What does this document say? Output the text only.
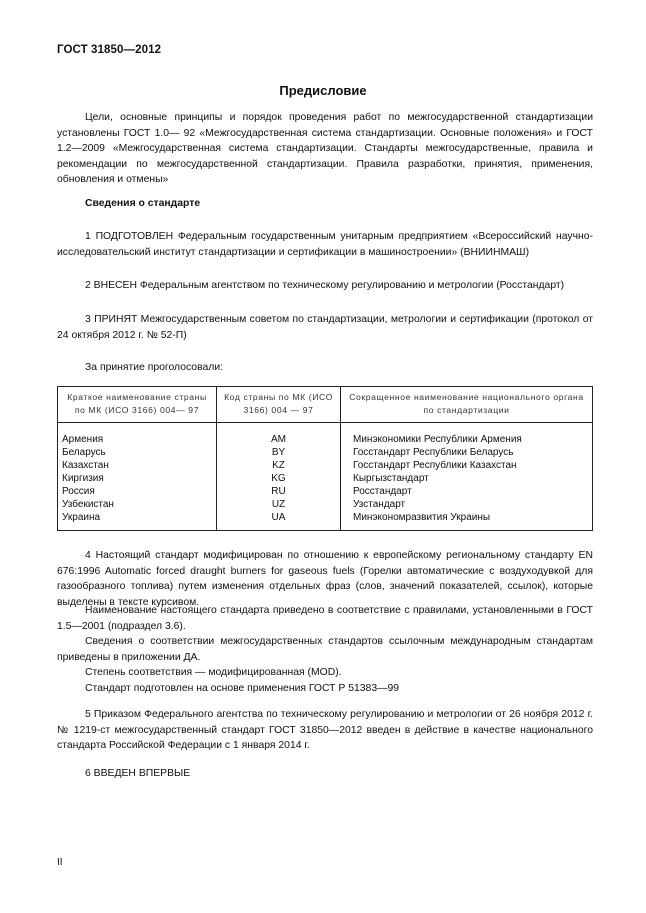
ГОСТ 31850—2012
Предисловие

Цели, основные принципы и порядок проведения работ по межгосударственной стандартизации установлены ГОСТ 1.0— 92 «Межгосударственная система стандартизации. Основные положения» и ГОСТ 1.2—2009 «Межгосударственная система стандартизации. Стандарты межгосударственные, правила и рекомендации по межгосударственной стандартизации. Правила разработки, принятия, применения, обновления и отмены»

Сведения о стандарте

1 ПОДГОТОВЛЕН Федеральным государственным унитарным предприятием «Всероссийский научно-исследовательский институт стандартизации и сертификации в машиностроении» (ВНИИНМАШ)

2 ВНЕСЕН Федеральным агентством по техническому регулированию и метрологии (Росстандарт)

3 ПРИНЯТ Межгосударственным советом по стандартизации, метрологии и сертификации (протокол от 24 октября 2012 г. № 52-П)

За принятие проголосовали:
Краткое наименование страны по МК (ИСО 3166) 004— 97	Код страны по МК (ИСО 3166) 004 — 97	Сокращенное наименование национального органа по стандартизации
Армения	AM	Минэкономики Республики Армения
Беларусь	BY	Госстандарт Республики Беларусь
Казахстан	KZ	Госстандарт Республики Казахстан
Киргизия	KG	Кыргызстандарт
Россия	RU	Росстандарт
Узбекистан	UZ	Узстандарт
Украина	UA	Минэкономразвития Украины

4 Настоящий стандарт модифицирован по отношению к европейскому региональному стандарту EN 676:1996 Automatic forced draught burners for gaseous fuels (Горелки автоматические с воздуходувкой для газообразного топлива) путем изменения отдельных фраз (слов, значений показателей, ссылок), которые выделены в тексте курсивом.

Наименование настоящего стандарта приведено в соответствие с правилами, установленными в ГОСТ 1.5—2001 (подраздел 3.6).

Сведения о соответствии межгосударственных стандартов ссылочным международным стандартам приведены в приложении ДА.

Степень соответствия — модифицированная (MOD).

Стандарт подготовлен на основе применения ГОСТ Р 51383—99

5 Приказом Федерального агентства по техническому регулированию и метрологии от 26 ноября 2012 г. № 1219-ст межгосударственный стандарт ГОСТ 31850—2012 введен в действие в качестве национального стандарта Российской Федерации с 1 января 2014 г.

6 ВВЕДЕН ВПЕРВЫЕ
II
